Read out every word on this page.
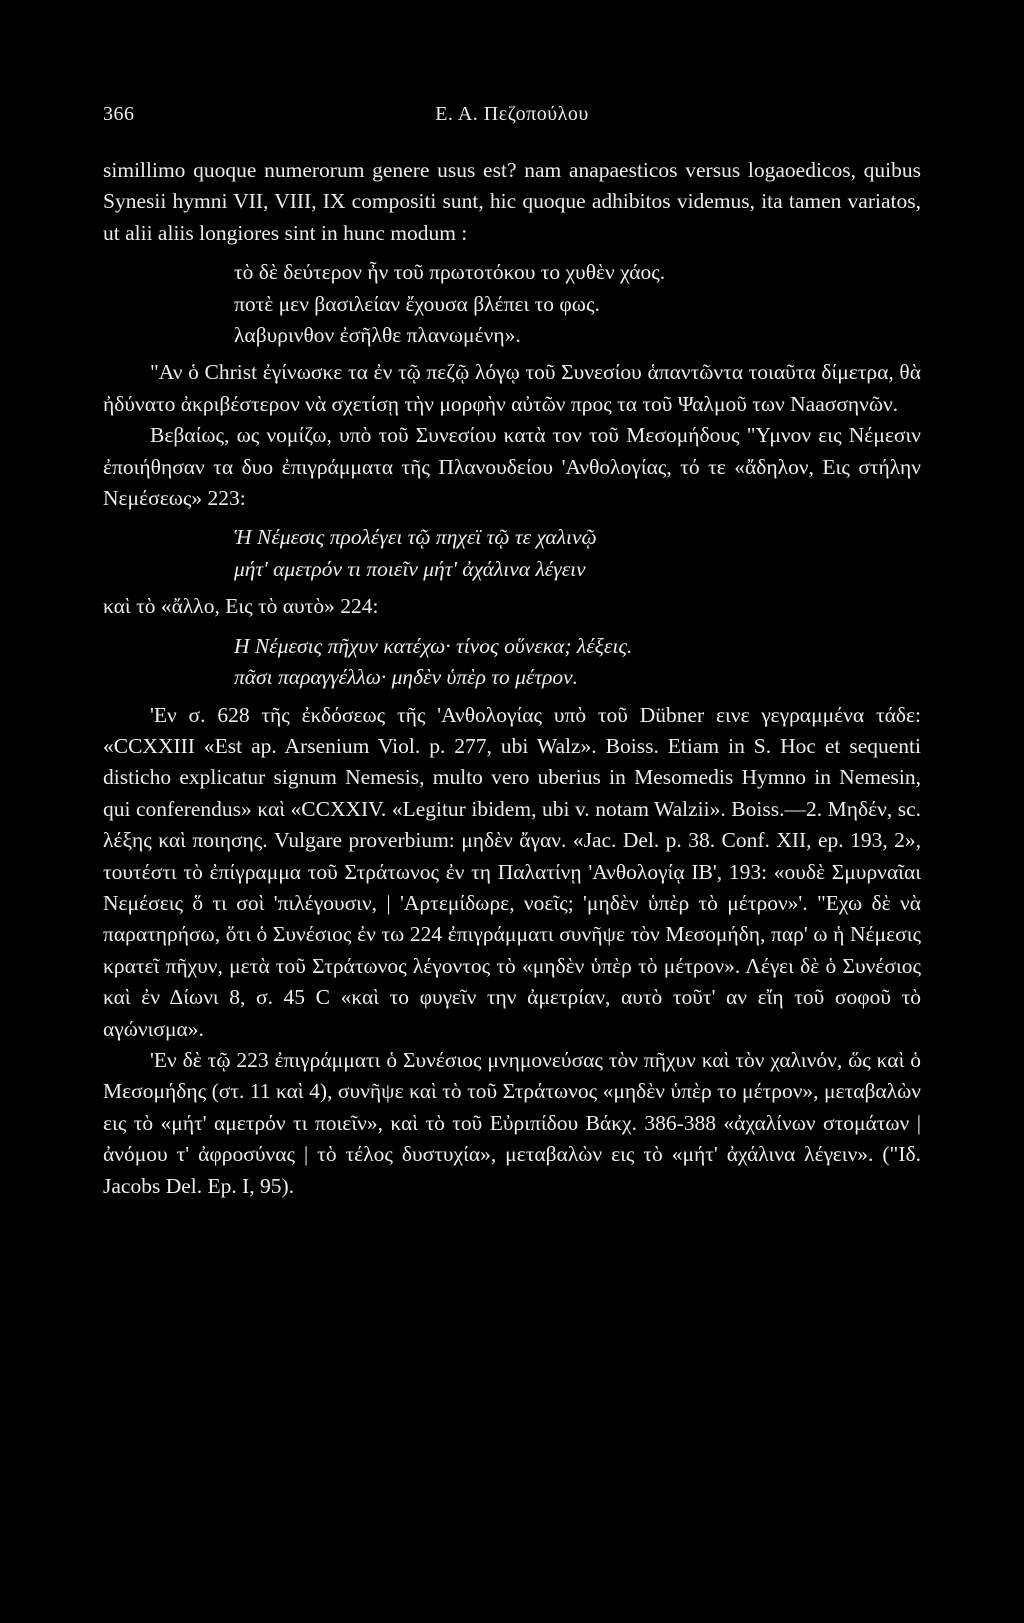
366	Ε. Α. Πεζοπούλου

simillimo quoque numerorum genere usus est? nam anapaesticos versus logaoedicos, quibus Synesii hymni VII, VIII, IX compositi sunt, hic quoque adhibitos videmus, ita tamen variatos, ut alii aliis longiores sint in hunc modum :

τὸ δὲ δεύτερον ἦν τοῦ πρωτοτόκου το χυθὲν χάος.
ποτὲ μεν βασιλείαν ἔχουσα βλέπει το φως.
λαβυρινθον ἐσῆλθε πλανωμένη».

"Αν ὁ Christ ἐγίνωσκε τα ἐν τῷ πεζῷ λόγῳ τοῦ Συνεσίου ἁπαντῶντα τοιαῦτα δίμετρα, θὰ ἠδύνατο ἀκριβέστερον νὰ σχετίσῃ τὴν μορφὴν αὐτῶν προς τα τοῦ Ψαλμοῦ των Νaaσσηνῶν.

Βεβαίως, ως νομίζω, υπὸ τοῦ Συνεσίου κατὰ τον τοῦ Μεσομήδους "Υμνον εις Νέμεσιν ἐποιήθησαν τα δυο ἐπιγράμματα τῆς Πλανουδείου 'Ανθολογίας, τό τε «ἄδηλον, Εις στήλην Νεμέσεως» 223:

Ἡ Νέμεσις προλέγει τῷ πηχεϊ τῷ τε χαλινῷ
μήτ' αμετρόν τι ποιεῖν μήτ' ἀχάλινα λέγειν

καὶ τὸ «ἄλλο, Εις τὸ αυτὸ» 224:

Η Νέμεσις πῆχυν κατέχω· τίνος οὕνεκα; λέξεις.
πᾶσι παραγγέλλω· μηδὲν ὑπὲρ το μέτρον.

'Εν σ. 628 τῆς ἐκδόσεως τῆς 'Ανθολογίας υπὸ τοῦ Dübner εινε γεγραμμένα τάδε: «CCXXIII «Est ap. Arsenium Viol. p. 277, ubi Walz». Boiss. Etiam in S. Hoc et sequenti disticho explicatur signum Nemesis, multo vero uberius in Mesomedis Hymno in Nemesin, qui conferendus» καὶ «CCXXIV. «Legitur ibidem, ubi v. notam Walzii». Boiss.—2. Μηδέν, sc. λέξης καὶ ποιησης. Vulgare proverbium: μηδὲν ἄγαν. «Jac. Del. p. 38. Conf. XII, ep. 193, 2», τουτέστι τὸ ἐπίγραμμα τοῦ Στράτωνος ἐν τη Παλατίνῃ 'Ανθολογίᾳ ΙΒ', 193: «ουδὲ Σμυρναῖαι Νεμέσεις ὅ τι σοὶ 'πιλέγουσιν, | 'Αρτεμίδωρε, νοεῖς; 'μηδὲν ὑπὲρ τὸ μέτρον»'. "Εχω δὲ νὰ παρατηρήσω, ὅτι ὁ Συνέσιος ἐν τω 224 ἐπιγράμματι συνῆψε τὸν Μεσομήδη, παρ' ω ἡ Νέμεσις κρατεῖ πῆχυν, μετὰ τοῦ Στράτωνος λέγοντος τὸ «μηδὲν ὑπὲρ τὸ μέτρον». Λέγει δὲ ὁ Συνέσιος καὶ ἐν Δίωνι 8, σ. 45 C «καὶ το φυγεῖν την ἀμετρίαν, αυτὸ τοῦτ' αν εἴη τοῦ σοφοῦ τὸ αγώνισμα».

'Εν δὲ τῷ 223 ἐπιγράμματι ὁ Συνέσιος μνημονεύσας τὸν πῆχυν καὶ τὸν χαλινόν, ὥς καὶ ὁ Μεσομήδης (στ. 11 καὶ 4), συνῆψε καὶ τὸ τοῦ Στράτωνος «μηδὲν ὑπὲρ το μέτρον», μεταβαλὼν εις τὸ «μήτ' αμετρόν τι ποιεῖν», καὶ τὸ τοῦ Εὐριπίδου Βάκχ. 386-388 «ἀχαλίνων στομάτων | ἀνόμου τ' ἀφροσύνας | τὸ τέλος δυστυχία», μεταβαλὼν εις τὸ «μήτ' ἀχάλινα λέγειν». ("Ιδ. Jacobs Del. Ep. I, 95).
